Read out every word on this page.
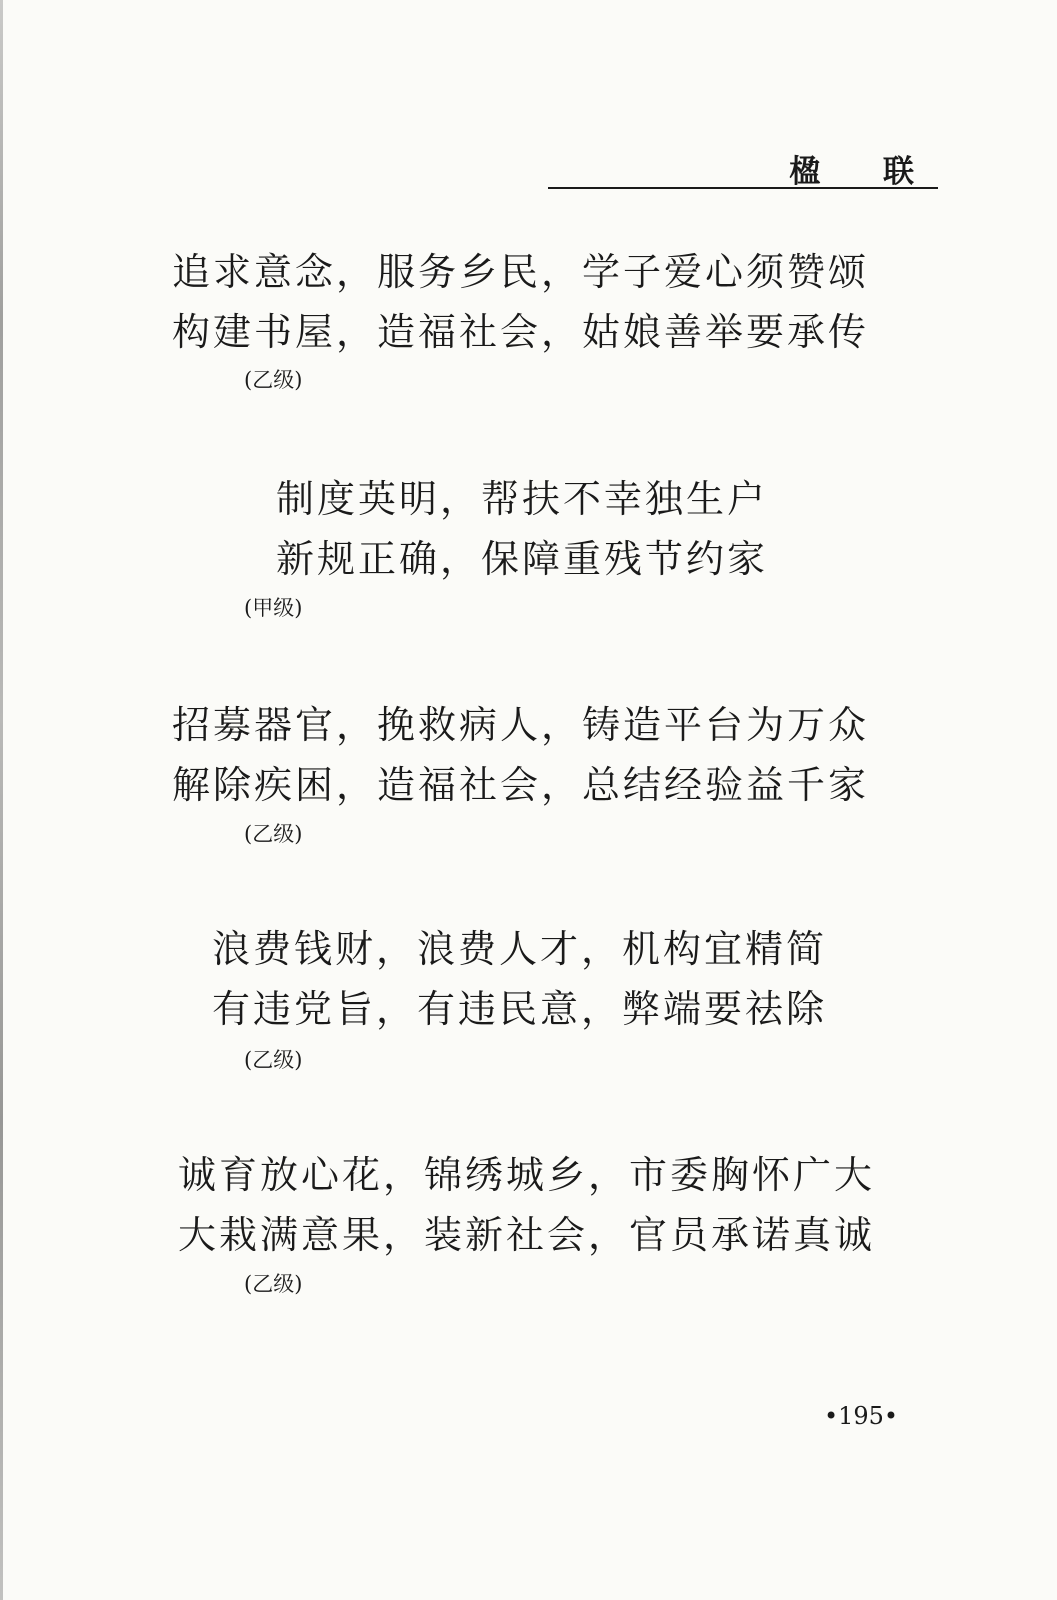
楹 联
追求意念，服务乡民，学子爱心须赞颂
构建书屋，造福社会，姑娘善举要承传
(乙级)
制度英明，帮扶不幸独生户
新规正确，保障重残节约家
(甲级)
招募器官，挽救病人，铸造平台为万众
解除疾困，造福社会，总结经验益千家
(乙级)
浪费钱财，浪费人才，机构宜精简
有违党旨，有违民意，弊端要祛除
(乙级)
诚育放心花，锦绣城乡，市委胸怀广大
大栽满意果，装新社会，官员承诺真诚
(乙级)
•195•
